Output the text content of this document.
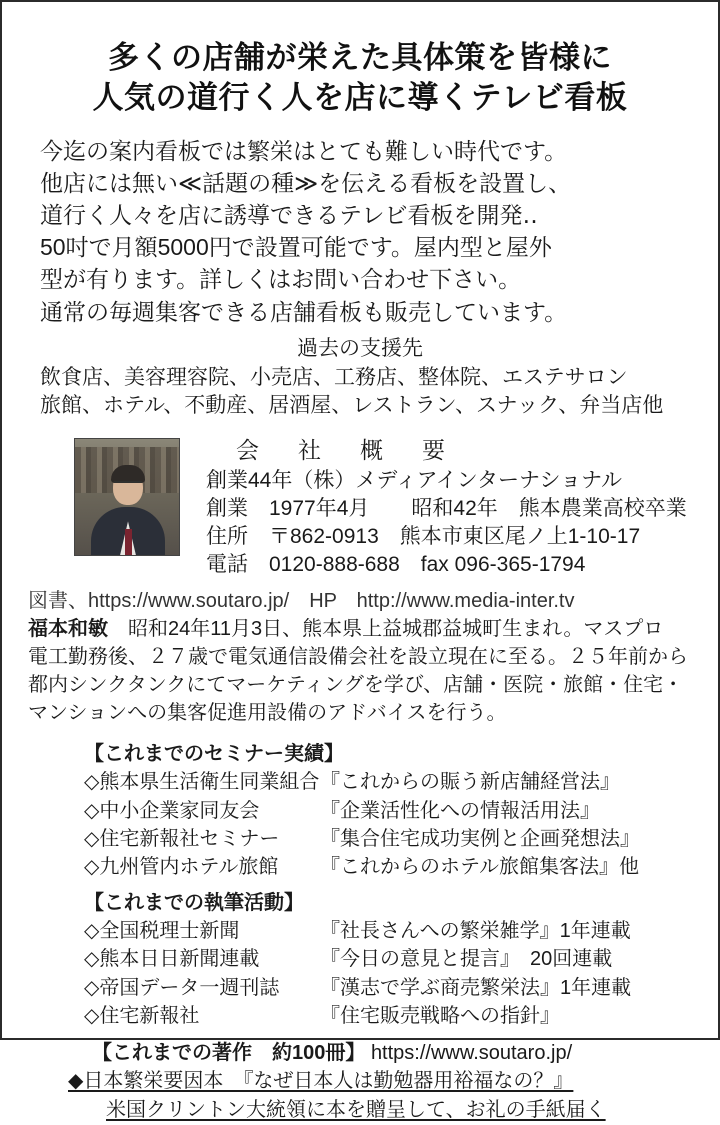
多くの店舗が栄えた具体策を皆様に
人気の道行く人を店に導くテレビ看板
今迄の案内看板では繁栄はとても難しい時代です。
他店には無い≪話題の種≫を伝える看板を設置し、
道行く人々を店に誘導できるテレビ看板を開発‥
50吋で月額5000円で設置可能です。屋内型と屋外
型が有ります。詳しくはお問い合わせ下さい。
通常の毎週集客できる店舗看板も販売しています。
過去の支援先
飲食店、美容理容院、小売店、工務店、整体院、エステサロン
旅館、ホテル、不動産、居酒屋、レストラン、スナック、弁当店他
会　社　概　要
創業44年（株）メディアインターナショナル
創業　1977年4月　　昭和42年　熊本農業高校卒業
住所　〒862-0913　熊本市東区尾ノ上1-10-17
電話　0120-888-688　fax 096-365-1794
図書、https://www.soutaro.jp/　HP　http://www.media-inter.tv
福本和敏　昭和24年11月3日、熊本県上益城郡益城町生まれ。マスプロ
電工勤務後、２７歳で電気通信設備会社を設立現在に至る。２５年前から
都内シンクタンクにてマーケティングを学び、店舗・医院・旅館・住宅・
マンションへの集客促進用設備のアドバイスを行う。
【これまでのセミナー実績】
◇熊本県生活衛生同業組合 『これからの賑う新店舗経営法』
◇中小企業家同友会	『企業活性化への情報活用法』
◇住宅新報社セミナー	『集合住宅成功実例と企画発想法』
◇九州管内ホテル旅館	『これからのホテル旅館集客法』他
【これまでの執筆活動】
◇全国税理士新聞	『社長さんへの繁栄雑学』1年連載
◇熊本日日新聞連載	『今日の意見と提言』　20回連載
◇帝国データ一週刊誌	『漢志で学ぶ商売繁栄法』1年連載
◇住宅新報社	『住宅販売戦略への指針』
【これまでの著作　約100冊】 https://www.soutaro.jp/
◆日本繁栄要因本　『なぜ日本人は勤勉器用裕福なの？』
米国クリントン大統領に本を贈呈して、お礼の手紙届く
